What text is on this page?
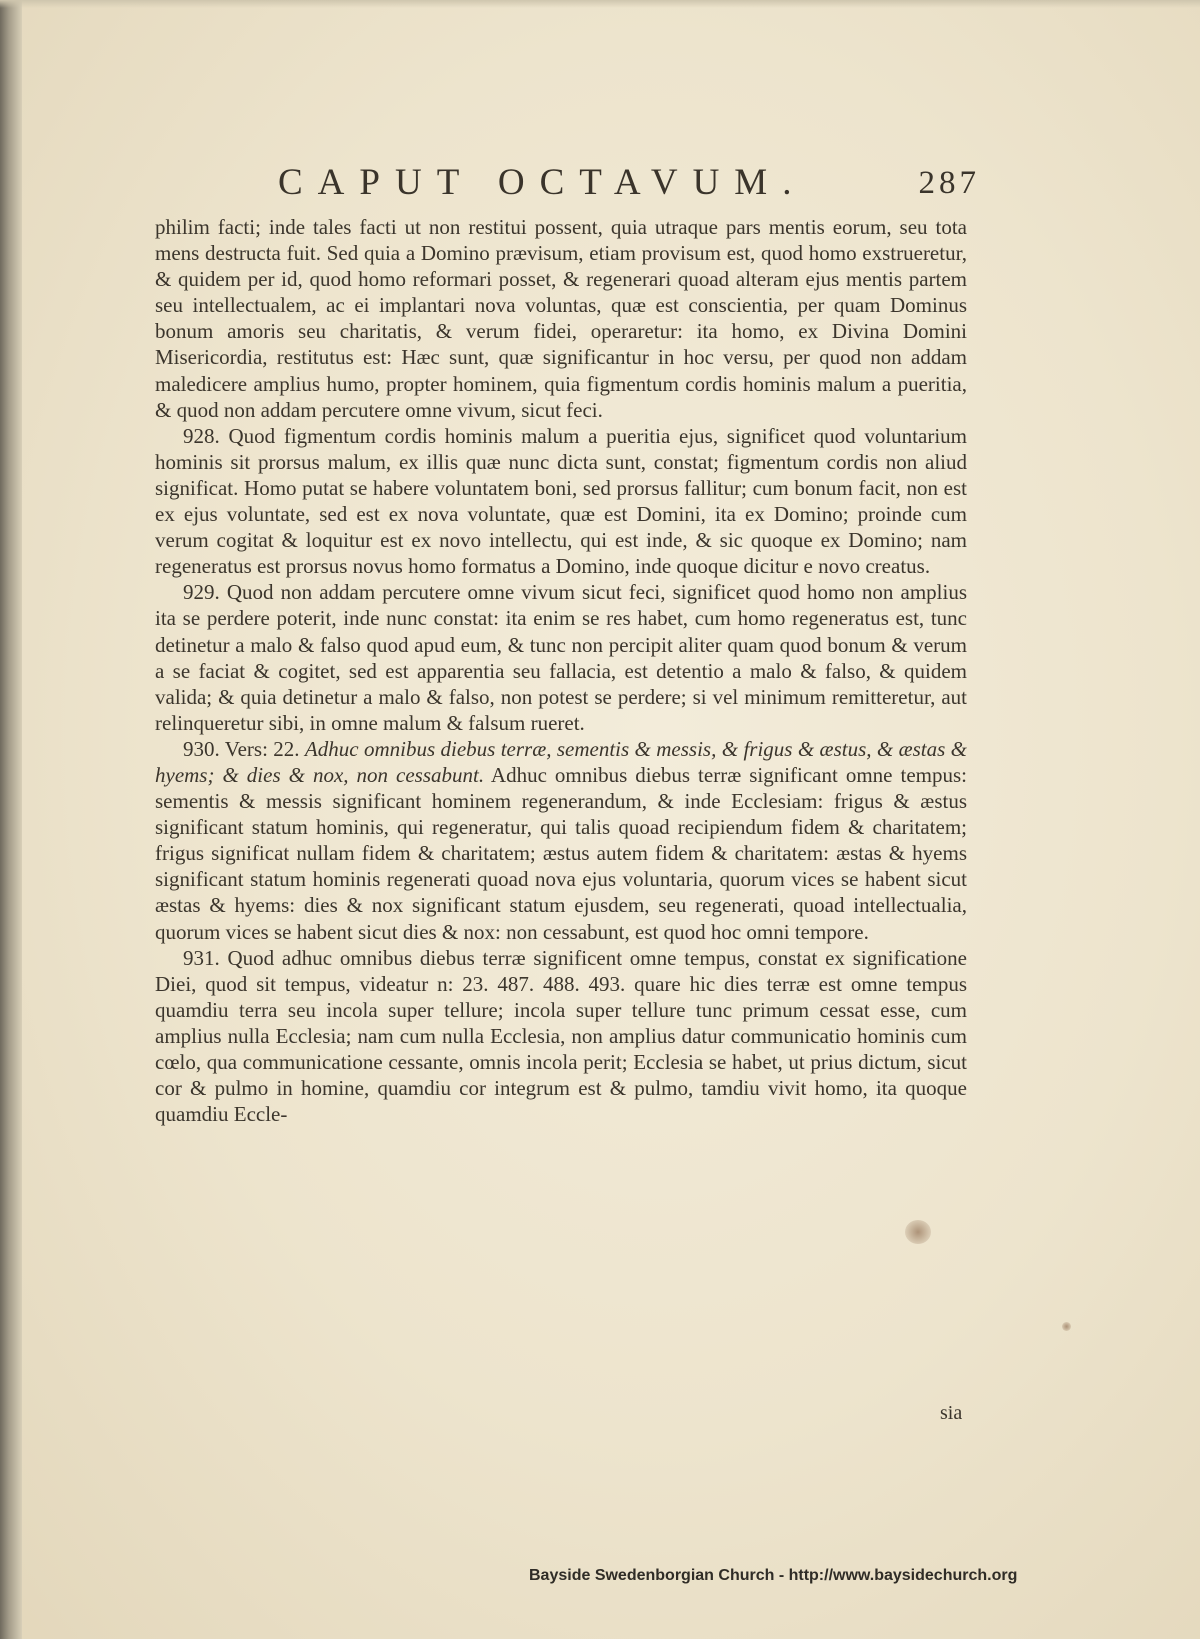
CAPUT OCTAVUM.	287

philim facti; inde tales facti ut non restitui possent, quia utraque pars mentis eorum, seu tota mens destructa fuit. Sed quia a Domino prævisum, etiam provisum est, quod homo exstrueretur, & quidem per id, quod homo reformari posset, & regenerari quoad alteram ejus mentis partem seu intellectualem, ac ei implantari nova voluntas, quæ est conscientia, per quam Dominus bonum amoris seu charitatis, & verum fidei, operaretur: ita homo, ex Divina Domini Misericordia, restitutus est: Hæc sunt, quæ significantur in hoc versu, per quod non addam maledicere amplius humo, propter hominem, quia figmentum cordis hominis malum a pueritia, & quod non addam percutere omne vivum, sicut feci.

928. Quod figmentum cordis hominis malum a pueritia ejus, significet quod voluntarium hominis sit prorsus malum, ex illis quæ nunc dicta sunt, constat; figmentum cordis non aliud significat. Homo putat se habere voluntatem boni, sed prorsus fallitur; cum bonum facit, non est ex ejus voluntate, sed est ex nova voluntate, quæ est Domini, ita ex Domino; proinde cum verum cogitat & loquitur est ex novo intellectu, qui est inde, & sic quoque ex Domino; nam regeneratus est prorsus novus homo formatus a Domino, inde quoque dicitur e novo creatus.

929. Quod non addam percutere omne vivum sicut feci, significet quod homo non amplius ita se perdere poterit, inde nunc constat: ita enim se res habet, cum homo regeneratus est, tunc detinetur a malo & falso quod apud eum, & tunc non percipit aliter quam quod bonum & verum a se faciat & cogitet, sed est apparentia seu fallacia, est detentio a malo & falso, & quidem valida; & quia detinetur a malo & falso, non potest se perdere; si vel minimum remitteretur, aut relinqueretur sibi, in omne malum & falsum rueret.

930. Vers: 22. Adhuc omnibus diebus terræ, sementis & messis, & frigus & æstus, & æstas & hyems; & dies & nox, non cessabunt. Adhuc omnibus diebus terræ significant omne tempus: sementis & messis significant hominem regenerandum, & inde Ecclesiam: frigus & æstus significant statum hominis, qui regeneratur, qui talis quoad recipiendum fidem & charitatem; frigus significat nullam fidem & charitatem; æstus autem fidem & charitatem: æstas & hyems significant statum hominis regenerati quoad nova ejus voluntaria, quorum vices se habent sicut æstas & hyems: dies & nox significant statum ejusdem, seu regenerati, quoad intellectualia, quorum vices se habent sicut dies & nox: non cessabunt, est quod hoc omni tempore.

931. Quod adhuc omnibus diebus terræ significent omne tempus, constat ex significatione Diei, quod sit tempus, videatur n: 23. 487. 488. 493. quare hic dies terræ est omne tempus quamdiu terra seu incola super tellure; incola super tellure tunc primum cessat esse, cum amplius nulla Ecclesia; nam cum nulla Ecclesia, non amplius datur communicatio hominis cum cœlo, qua communicatione cessante, omnis incola perit; Ecclesia se habet, ut prius dictum, sicut cor & pulmo in homine, quamdiu cor integrum est & pulmo, tamdiu vivit homo, ita quoque quamdiu Eccle-

sia
Bayside Swedenborgian Church - http://www.baysidechurch.org
